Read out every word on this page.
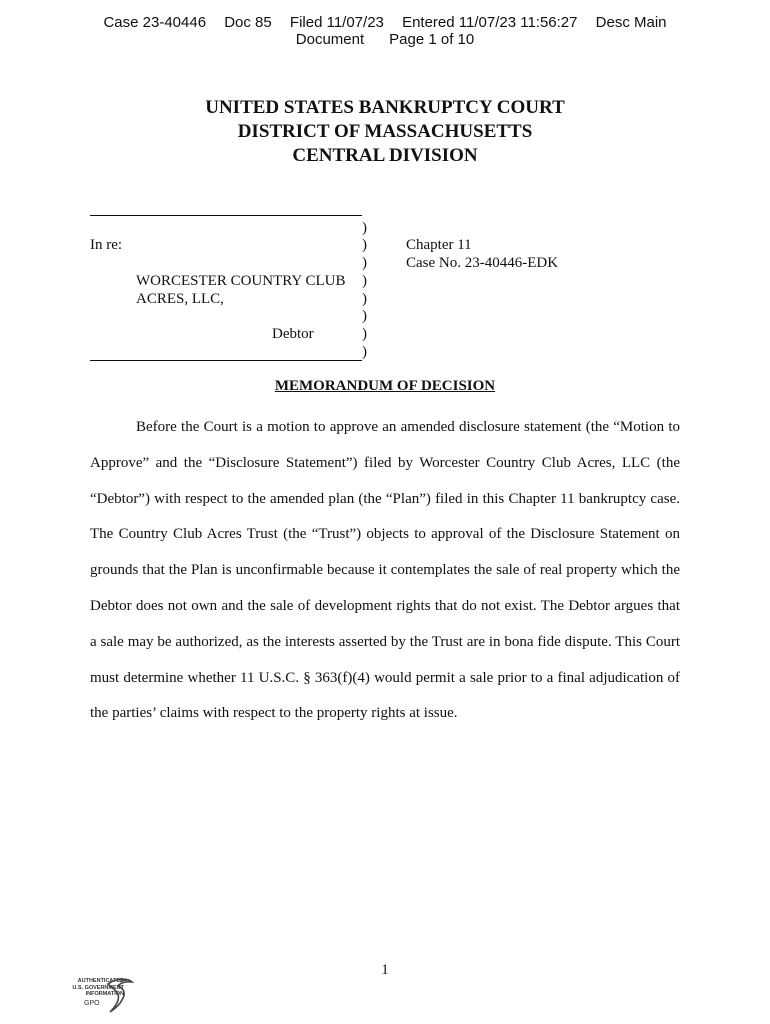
Case 23-40446 Doc 85 Filed 11/07/23 Entered 11/07/23 11:56:27 Desc Main
Document Page 1 of 10
UNITED STATES BANKRUPTCY COURT
DISTRICT OF MASSACHUSETTS
CENTRAL DIVISION
)
)
)
)
)
)
)
)
In re:
WORCESTER COUNTRY CLUB
ACRES, LLC,
Debtor
Chapter 11
Case No. 23-40446-EDK
MEMORANDUM OF DECISION

Before the Court is a motion to approve an amended disclosure statement (the “Motion to Approve” and the “Disclosure Statement”) filed by Worcester Country Club Acres, LLC (the “Debtor”) with respect to the amended plan (the “Plan”) filed in this Chapter 11 bankruptcy case. The Country Club Acres Trust (the “Trust”) objects to approval of the Disclosure Statement on grounds that the Plan is unconfirmable because it contemplates the sale of real property which the Debtor does not own and the sale of development rights that do not exist. The Debtor argues that a sale may be authorized, as the interests asserted by the Trust are in bona fide dispute. This Court must determine whether 11 U.S.C. § 363(f)(4) would permit a sale prior to a final adjudication of the parties’ claims with respect to the property rights at issue.

1
AUTHENTICATED
U.S. GOVERNMENT
INFORMATION
GPO
